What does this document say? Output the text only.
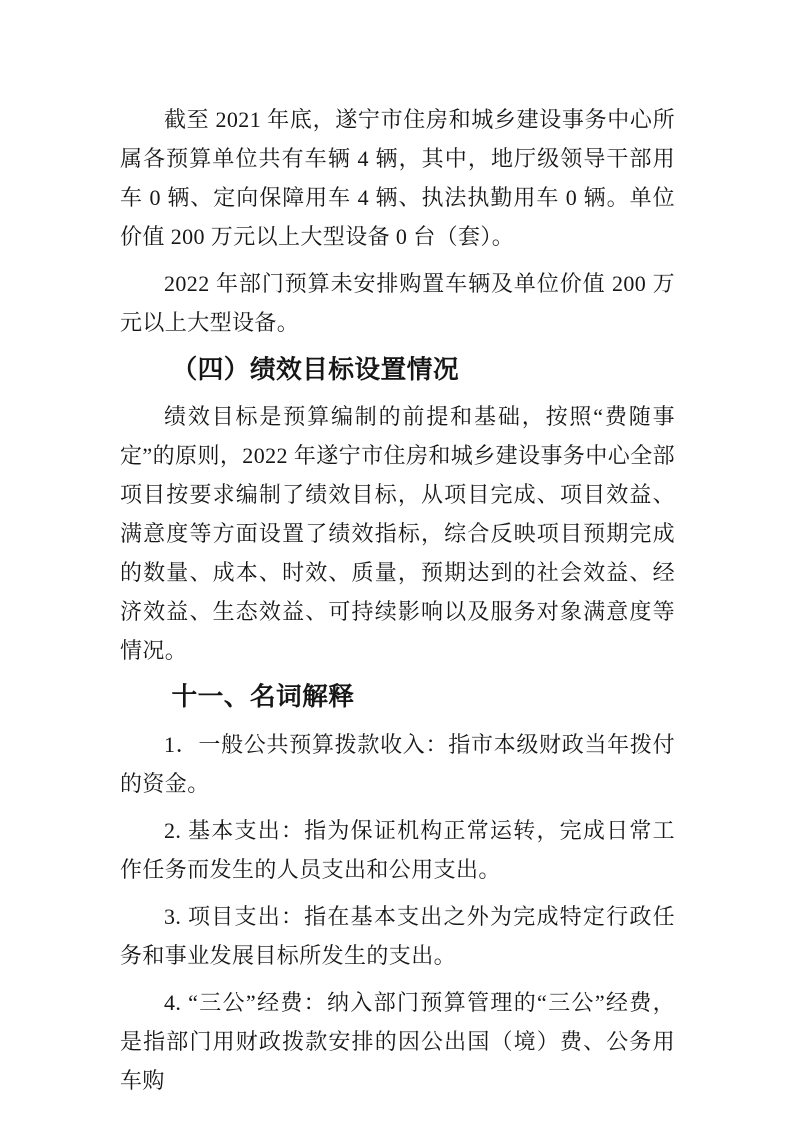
截至 2021 年底，遂宁市住房和城乡建设事务中心所属各预算单位共有车辆 4 辆，其中，地厅级领导干部用车 0 辆、定向保障用车 4 辆、执法执勤用车 0 辆。单位价值 200 万元以上大型设备 0 台（套）。

2022 年部门预算未安排购置车辆及单位价值 200 万元以上大型设备。

（四）绩效目标设置情况

绩效目标是预算编制的前提和基础，按照“费随事定”的原则，2022 年遂宁市住房和城乡建设事务中心全部项目按要求编制了绩效目标，从项目完成、项目效益、满意度等方面设置了绩效指标，综合反映项目预期完成的数量、成本、时效、质量，预期达到的社会效益、经济效益、生态效益、可持续影响以及服务对象满意度等情况。

十一、名词解释

1．一般公共预算拨款收入：指市本级财政当年拨付的资金。

2. 基本支出：指为保证机构正常运转，完成日常工作任务而发生的人员支出和公用支出。

3. 项目支出：指在基本支出之外为完成特定行政任务和事业发展目标所发生的支出。

4. “三公”经费：纳入部门预算管理的“三公”经费，是指部门用财政拨款安排的因公出国（境）费、公务用车购
